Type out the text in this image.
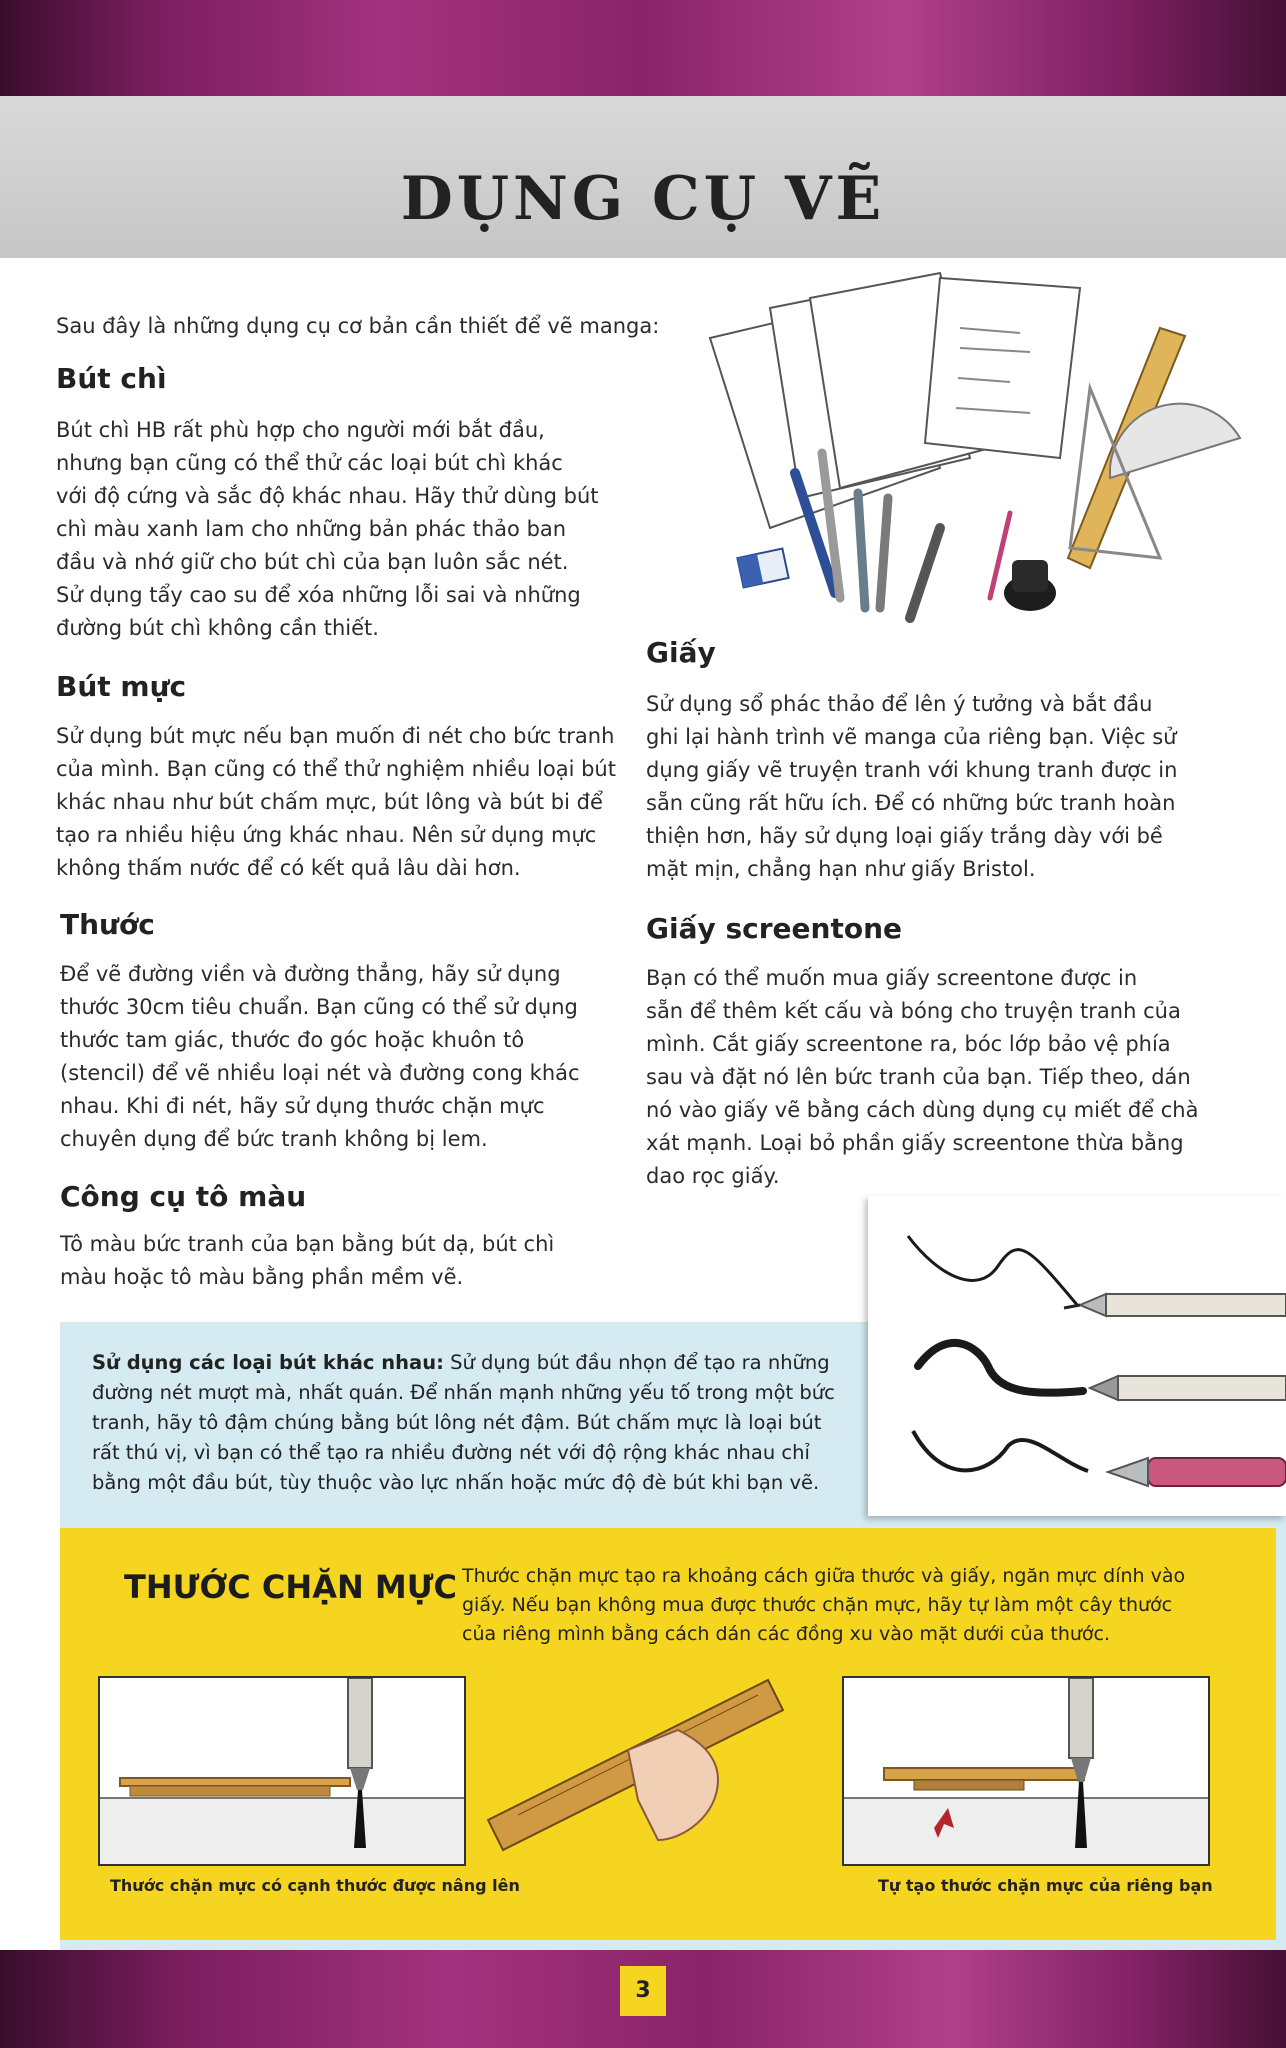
DỤNG CỤ VẼ
Sau đây là những dụng cụ cơ bản cần thiết để vẽ manga:
Bút chì
Bút chì HB rất phù hợp cho người mới bắt đầu,
nhưng bạn cũng có thể thử các loại bút chì khác
với độ cứng và sắc độ khác nhau. Hãy thử dùng bút
chì màu xanh lam cho những bản phác thảo ban
đầu và nhớ giữ cho bút chì của bạn luôn sắc nét.
Sử dụng tẩy cao su để xóa những lỗi sai và những
đường bút chì không cần thiết.
Bút mực
Sử dụng bút mực nếu bạn muốn đi nét cho bức tranh
của mình. Bạn cũng có thể thử nghiệm nhiều loại bút
khác nhau như bút chấm mực, bút lông và bút bi để
tạo ra nhiều hiệu ứng khác nhau. Nên sử dụng mực
không thấm nước để có kết quả lâu dài hơn.
Thước
Để vẽ đường viền và đường thẳng, hãy sử dụng
thước 30cm tiêu chuẩn. Bạn cũng có thể sử dụng
thước tam giác, thước đo góc hoặc khuôn tô
(stencil) để vẽ nhiều loại nét và đường cong khác
nhau. Khi đi nét, hãy sử dụng thước chặn mực
chuyên dụng để bức tranh không bị lem.
Công cụ tô màu
Tô màu bức tranh của bạn bằng bút dạ, bút chì
màu hoặc tô màu bằng phần mềm vẽ.
Giấy
Sử dụng sổ phác thảo để lên ý tưởng và bắt đầu
ghi lại hành trình vẽ manga của riêng bạn. Việc sử
dụng giấy vẽ truyện tranh với khung tranh được in
sẵn cũng rất hữu ích. Để có những bức tranh hoàn
thiện hơn, hãy sử dụng loại giấy trắng dày với bề
mặt mịn, chẳng hạn như giấy Bristol.
Giấy screentone
Bạn có thể muốn mua giấy screentone được in
sẵn để thêm kết cấu và bóng cho truyện tranh của
mình. Cắt giấy screentone ra, bóc lớp bảo vệ phía
sau và đặt nó lên bức tranh của bạn. Tiếp theo, dán
nó vào giấy vẽ bằng cách dùng dụng cụ miết để chà
xát mạnh. Loại bỏ phần giấy screentone thừa bằng
dao rọc giấy.
Sử dụng các loại bút khác nhau: Sử dụng bút đầu nhọn để tạo ra những
đường nét mượt mà, nhất quán. Để nhấn mạnh những yếu tố trong một bức
tranh, hãy tô đậm chúng bằng bút lông nét đậm. Bút chấm mực là loại bút
rất thú vị, vì bạn có thể tạo ra nhiều đường nét với độ rộng khác nhau chỉ
bằng một đầu bút, tùy thuộc vào lực nhấn hoặc mức độ đè bút khi bạn vẽ.
THƯỚC CHẶN MỰC Thước chặn mực tạo ra khoảng cách giữa thước và giấy, ngăn mực dính vào
giấy. Nếu bạn không mua được thước chặn mực, hãy tự làm một cây thước
của riêng mình bằng cách dán các đồng xu vào mặt dưới của thước.
Thước chặn mực có cạnh thước được nâng lên	Tự tạo thước chặn mực của riêng bạn
3
